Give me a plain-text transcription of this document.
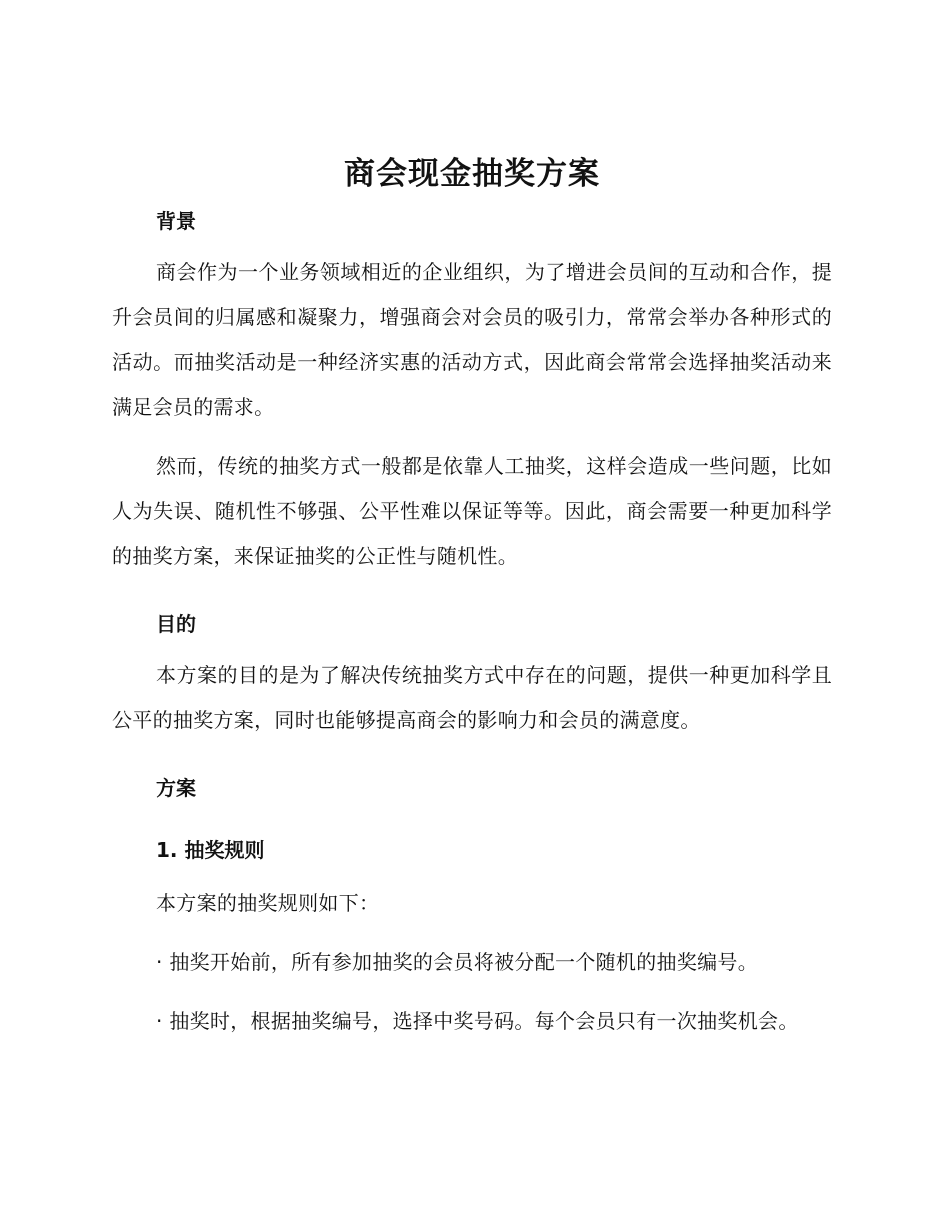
商会现金抽奖方案
背景

商会作为一个业务领域相近的企业组织，为了增进会员间的互动和合作，提升会员间的归属感和凝聚力，增强商会对会员的吸引力，常常会举办各种形式的活动。而抽奖活动是一种经济实惠的活动方式，因此商会常常会选择抽奖活动来满足会员的需求。

然而，传统的抽奖方式一般都是依靠人工抽奖，这样会造成一些问题，比如人为失误、随机性不够强、公平性难以保证等等。因此，商会需要一种更加科学的抽奖方案，来保证抽奖的公正性与随机性。

目的

本方案的目的是为了解决传统抽奖方式中存在的问题，提供一种更加科学且公平的抽奖方案，同时也能够提高商会的影响力和会员的满意度。

方案
1. 抽奖规则

本方案的抽奖规则如下：

· 抽奖开始前，所有参加抽奖的会员将被分配一个随机的抽奖编号。

· 抽奖时，根据抽奖编号，选择中奖号码。每个会员只有一次抽奖机会。
